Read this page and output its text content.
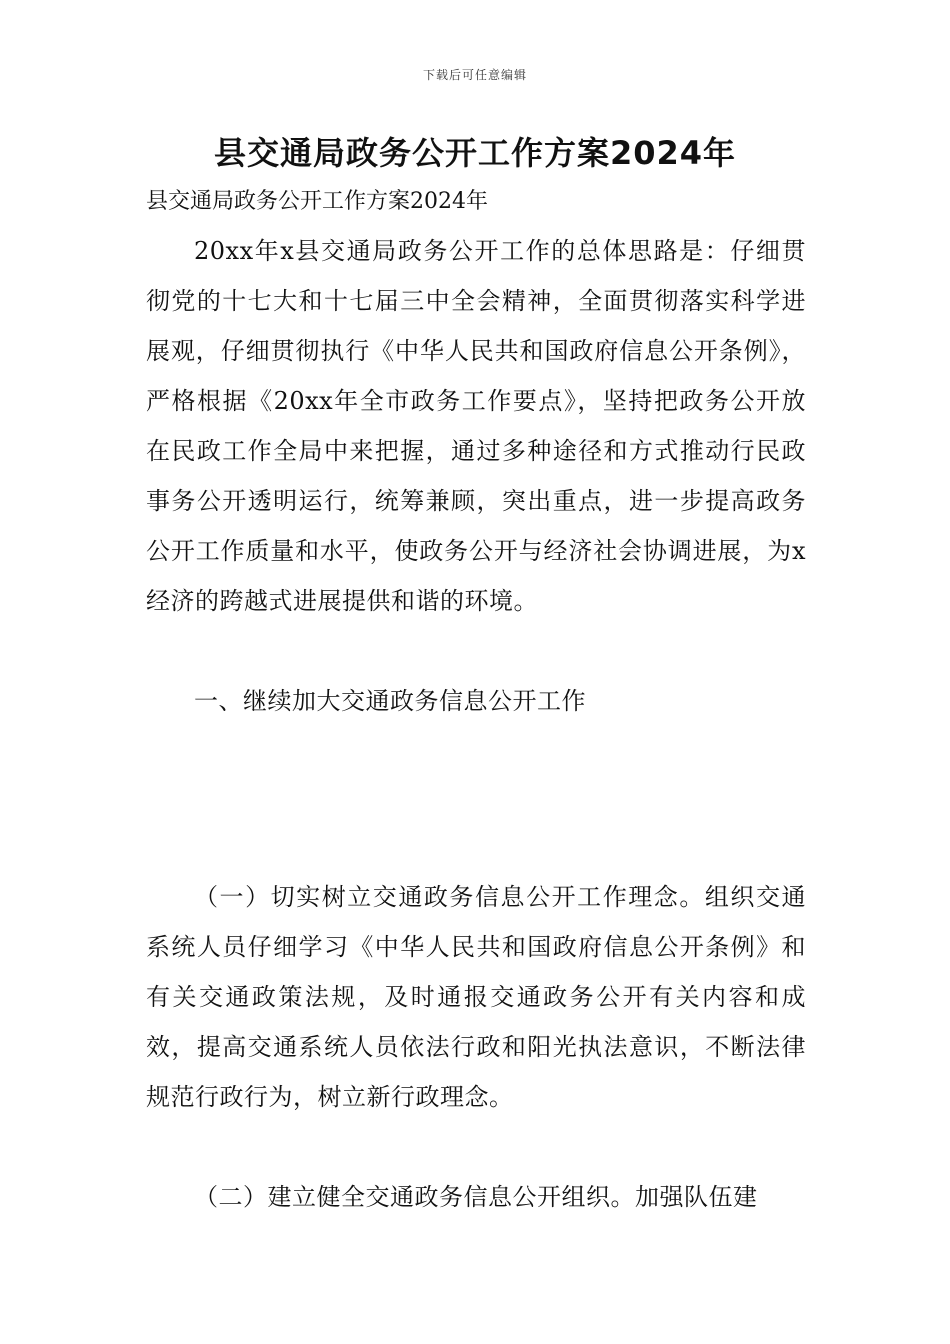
下载后可任意编辑
县交通局政务公开工作方案2024年

县交通局政务公开工作方案2024年

20xx年x县交通局政务公开工作的总体思路是：仔细贯彻党的十七大和十七届三中全会精神，全面贯彻落实科学进展观，仔细贯彻执行《中华人民共和国政府信息公开条例》，严格根据《20xx年全市政务工作要点》，坚持把政务公开放在民政工作全局中来把握，通过多种途径和方式推动行民政事务公开透明运行，统筹兼顾，突出重点，进一步提高政务公开工作质量和水平，使政务公开与经济社会协调进展，为x经济的跨越式进展提供和谐的环境。

一、继续加大交通政务信息公开工作

（一）切实树立交通政务信息公开工作理念。组织交通系统人员仔细学习《中华人民共和国政府信息公开条例》和有关交通政策法规，及时通报交通政务公开有关内容和成效，提高交通系统人员依法行政和阳光执法意识，不断法律规范行政行为，树立新行政理念。

（二）建立健全交通政务信息公开组织。加强队伍建
